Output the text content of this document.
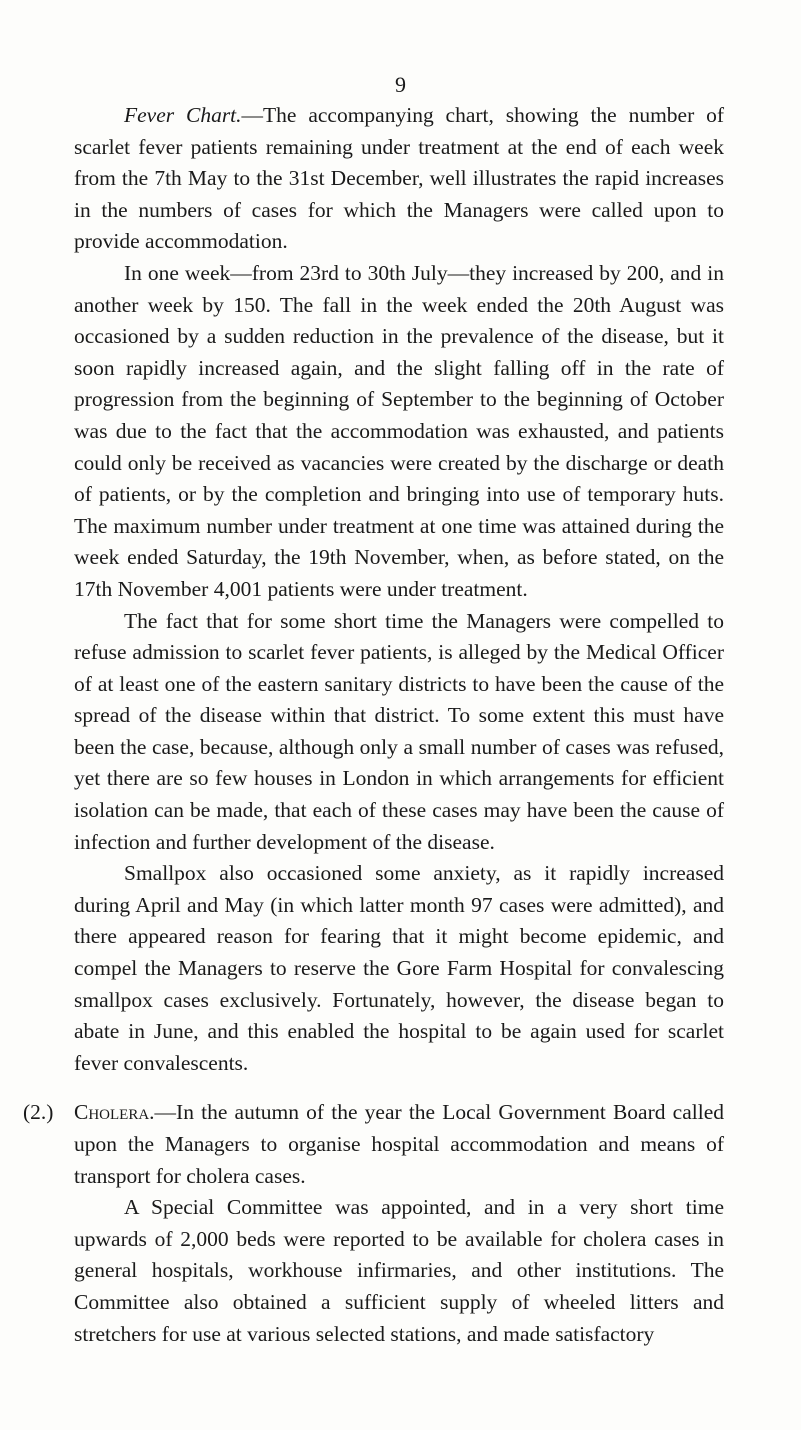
9

Fever Chart.—The accompanying chart, showing the number of scarlet fever patients remaining under treatment at the end of each week from the 7th May to the 31st December, well illustrates the rapid increases in the numbers of cases for which the Managers were called upon to provide accommodation.

In one week—from 23rd to 30th July—they increased by 200, and in another week by 150. The fall in the week ended the 20th August was occasioned by a sudden reduction in the prevalence of the disease, but it soon rapidly increased again, and the slight falling off in the rate of progression from the beginning of September to the beginning of October was due to the fact that the accommodation was exhausted, and patients could only be received as vacancies were created by the discharge or death of patients, or by the completion and bringing into use of temporary huts. The maximum number under treatment at one time was attained during the week ended Saturday, the 19th November, when, as before stated, on the 17th November 4,001 patients were under treatment.

The fact that for some short time the Managers were compelled to refuse admission to scarlet fever patients, is alleged by the Medical Officer of at least one of the eastern sanitary districts to have been the cause of the spread of the disease within that district. To some extent this must have been the case, because, although only a small number of cases was refused, yet there are so few houses in London in which arrangements for efficient isolation can be made, that each of these cases may have been the cause of infection and further development of the disease.

Smallpox also occasioned some anxiety, as it rapidly increased during April and May (in which latter month 97 cases were admitted), and there appeared reason for fearing that it might become epidemic, and compel the Managers to reserve the Gore Farm Hospital for convalescing smallpox cases exclusively. Fortunately, however, the disease began to abate in June, and this enabled the hospital to be again used for scarlet fever convalescents.

(2.) Cholera.—In the autumn of the year the Local Government Board called upon the Managers to organise hospital accommodation and means of transport for cholera cases.

A Special Committee was appointed, and in a very short time upwards of 2,000 beds were reported to be available for cholera cases in general hospitals, workhouse infirmaries, and other institutions. The Committee also obtained a sufficient supply of wheeled litters and stretchers for use at various selected stations, and made satisfactory
